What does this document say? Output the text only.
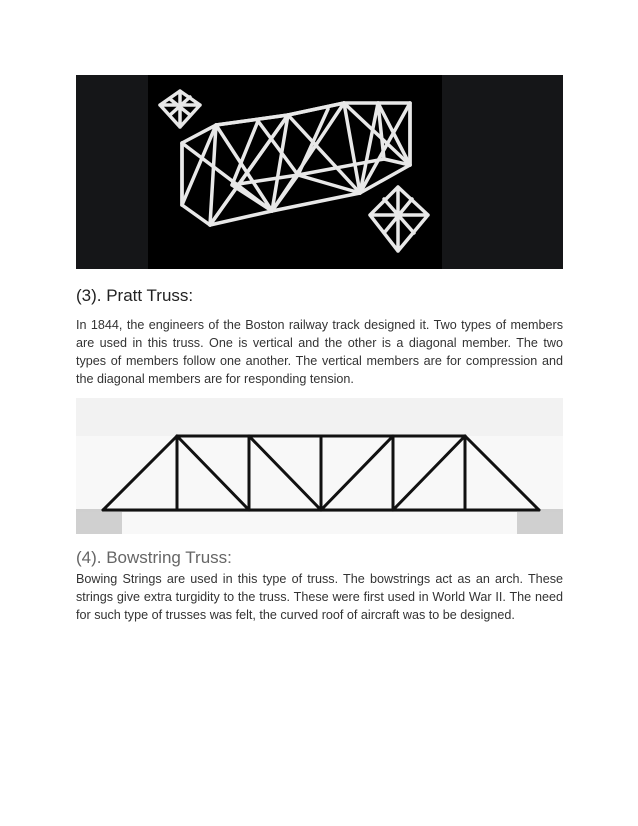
(3). Pratt Truss:

In 1844, the engineers of the Boston railway track designed it. Two types of members are used in this truss. One is vertical and the other is a diagonal member. The two types of members follow one another. The vertical members are for compression and the diagonal members are for responding tension.

(4). Bowstring Truss:

Bowing Strings are used in this type of truss. The bowstrings act as an arch. These strings give extra turgidity to the truss. These were first used in World War II. The need for such type of trusses was felt, the curved roof of aircraft was to be designed.
